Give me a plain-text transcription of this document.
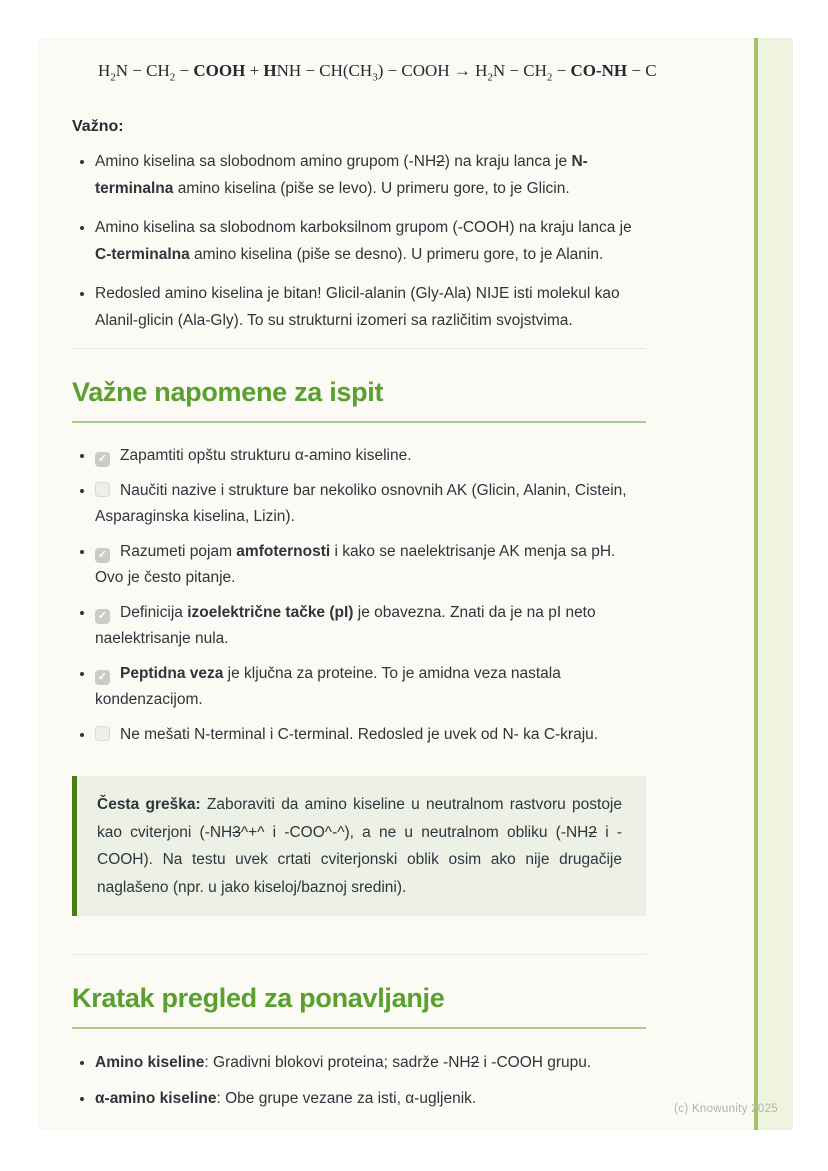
$H_2N - CH_2$ − COOH + HNH − $CH(CH_3)$ − COOH → $H_2N - CH_2 - CO-NH - C$
Važno:
• Amino kiselina sa slobodnom amino grupom (-NH2) na kraju lanca je N-terminalna amino kiselina (piše se levo). U primeru gore, to je Glicin.
• Amino kiselina sa slobodnom karboksilnom grupom (-COOH) na kraju lanca je C-terminalna amino kiselina (piše se desno). U primeru gore, to je Alanin.
• Redosled amino kiselina je bitan! Glicil-alanin (Gly-Ala) NIJE isti molekul kao Alanil-glicin (Ala-Gly). To su strukturni izomeri sa različitim svojstvima.
Važne napomene za ispit
• ✓ Zapamtiti opštu strukturu α-amino kiseline.
• Naučiti nazive i strukture bar nekoliko osnovnih AK (Glicin, Alanin, Cistein, Asparaginska kiselina, Lizin).
• ✓ Razumeti pojam amfoternosti i kako se naelektrisanje AK menja sa pH. Ovo je često pitanje.
• ✓ Definicija izoelektrične tačke (pI) je obavezna. Znati da je na pI neto naelektrisanje nula.
• ✓ Peptidna veza je ključna za proteine. To je amidna veza nastala kondenzacijom.
• Ne mešati N-terminal i C-terminal. Redosled je uvek od N- ka C-kraju.
Česta greška: Zaboraviti da amino kiseline u neutralnom rastvoru postoje kao cviterjoni (-NH3^+^ i -COO^-^), a ne u neutralnom obliku (-NH2 i -COOH). Na testu uvek crtati cviterjonski oblik osim ako nije drugačije naglašeno (npr. u jako kiseloj/baznoj sredini).
Kratak pregled za ponavljanje
• Amino kiseline: Gradivni blokovi proteina; sadrže -NH2 i -COOH grupu.
• α-amino kiseline: Obe grupe vezane za isti, α-ugljenik.
(c) Knowunity 2025
